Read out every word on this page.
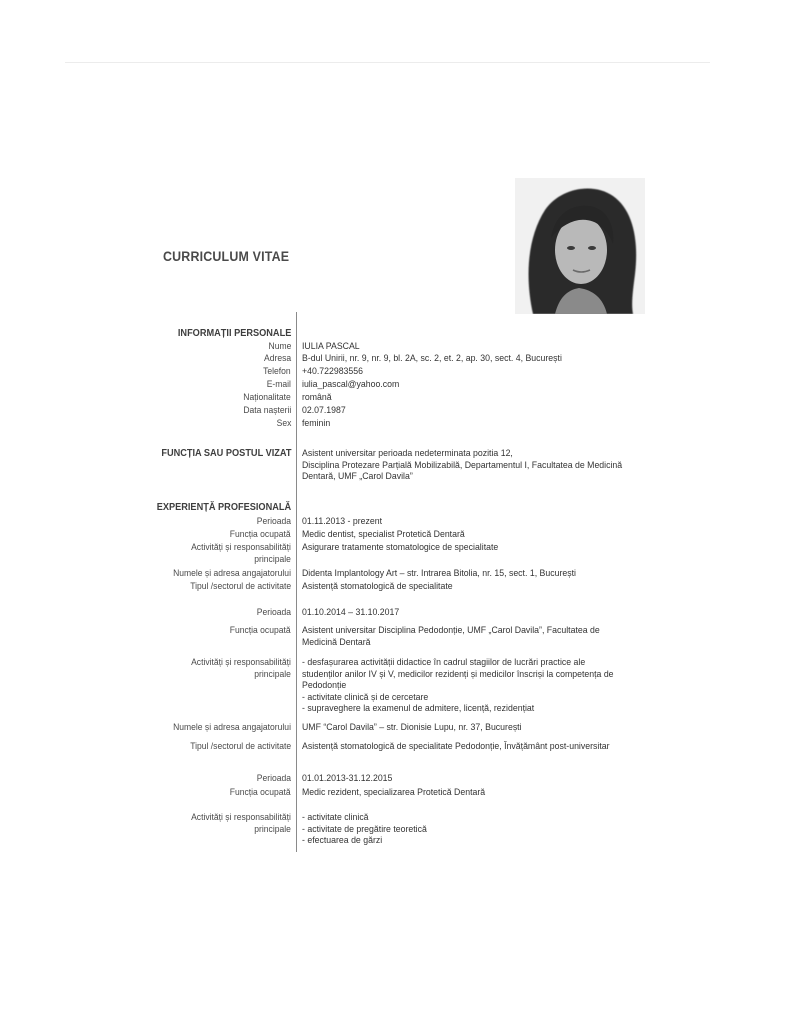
CURRICULUM VITAE
INFORMAȚII PERSONALE
Nume IULIA PASCAL
Adresa B-dul Unirii, nr. 9, nr. 9, bl. 2A, sc. 2, et. 2, ap. 30, sect. 4, București
Telefon +40.722983556
E-mail iulia_pascal@yahoo.com
Naționalitate română
Data nașterii 02.07.1987
Sex feminin
FUNCȚIA SAU POSTUL VIZAT Asistent universitar perioada nedeterminata pozitia 12,
Disciplina Protezare Parțială Mobilizabilă, Departamentul I, Facultatea de Medicină
Dentară, UMF „Carol Davila”
EXPERIENȚĂ PROFESIONALĂ
Perioada 01.11.2013 - prezent
Funcția ocupată Medic dentist, specialist Protetică Dentară
Activități și responsabilități
principale
Asigurare tratamente stomatologice de specialitate
Numele și adresa angajatorului Didenta Implantology Art – str. Intrarea Bitolia, nr. 15, sect. 1, București
Tipul /sectorul de activitate Asistență stomatologică de specialitate
Perioada 01.10.2014 – 31.10.2017
Funcția ocupată Asistent universitar Disciplina Pedodonție, UMF „Carol Davila”, Facultatea de
Medicină Dentară
Activități și responsabilități
principale
- desfașurarea activității didactice în cadrul stagiilor de lucrări practice ale
studenților anilor IV și V, medicilor rezidenți și medicilor înscriși la competența de
Pedodonție
- activitate clinică și de cercetare
- supraveghere la examenul de admitere, licență, rezidențiat
Numele și adresa angajatorului UMF “Carol Davila” – str. Dionisie Lupu, nr. 37, București
Tipul /sectorul de activitate Asistență stomatologică de specialitate Pedodonție, Învățământ post-universitar
Perioada 01.01.2013-31.12.2015
Funcția ocupată Medic rezident, specializarea Protetică Dentară
Activități și responsabilități
principale
- activitate clinică
- activitate de pregătire teoretică
- efectuarea de gărzi
